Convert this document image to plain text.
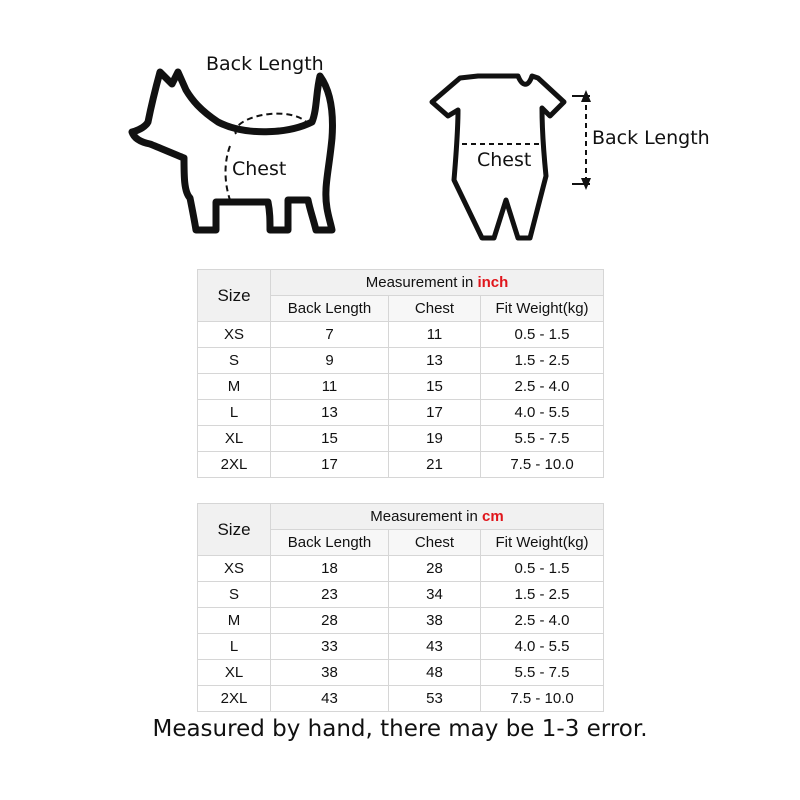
Back Length
Chest
Back Length
Chest
Size	Measurement in inch		
	Back Length	Chest	Fit Weight(kg)
XS	7	11	0.5 - 1.5
S	9	13	1.5 - 2.5
M	11	15	2.5 - 4.0
L	13	17	4.0 - 5.5
XL	15	19	5.5 - 7.5
2XL	17	21	7.5 - 10.0
Size	Measurement in cm		
	Back Length	Chest	Fit Weight(kg)
XS	18	28	0.5 - 1.5
S	23	34	1.5 - 2.5
M	28	38	2.5 - 4.0
L	33	43	4.0 - 5.5
XL	38	48	5.5 - 7.5
2XL	43	53	7.5 - 10.0
Measured by hand, there may be 1-3 error.
